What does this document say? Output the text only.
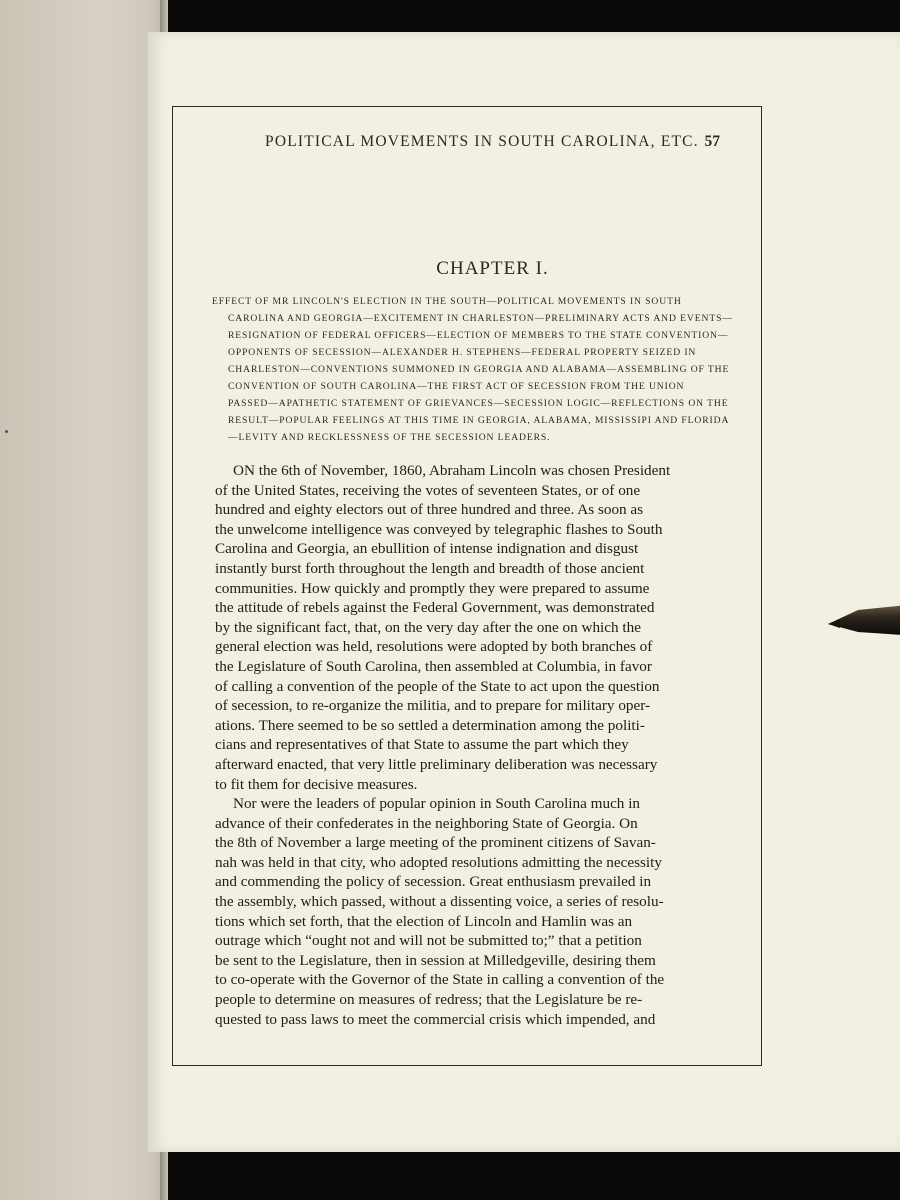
POLITICAL MOVEMENTS IN SOUTH CAROLINA, ETC. 57
CHAPTER I.
EFFECT OF MR LINCOLN'S ELECTION IN THE SOUTH—POLITICAL MOVEMENTS IN SOUTH
CAROLINA AND GEORGIA—EXCITEMENT IN CHARLESTON—PRELIMINARY ACTS AND EVENTS—
RESIGNATION OF FEDERAL OFFICERS—ELECTION OF MEMBERS TO THE STATE CONVENTION—
OPPONENTS OF SECESSION—ALEXANDER H. STEPHENS—FEDERAL PROPERTY SEIZED IN
CHARLESTON—CONVENTIONS SUMMONED IN GEORGIA AND ALABAMA—ASSEMBLING OF THE
CONVENTION OF SOUTH CAROLINA—THE FIRST ACT OF SECESSION FROM THE UNION
PASSED—APATHETIC STATEMENT OF GRIEVANCES—SECESSION LOGIC—REFLECTIONS ON THE
RESULT—POPULAR FEELINGS AT THIS TIME IN GEORGIA, ALABAMA, MISSISSIPI AND FLORIDA
—LEVITY AND RECKLESSNESS OF THE SECESSION LEADERS.
ON the 6th of November, 1860, Abraham Lincoln was chosen President
of the United States, receiving the votes of seventeen States, or of one
hundred and eighty electors out of three hundred and three. As soon as
the unwelcome intelligence was conveyed by telegraphic flashes to South
Carolina and Georgia, an ebullition of intense indignation and disgust
instantly burst forth throughout the length and breadth of those ancient
communities. How quickly and promptly they were prepared to assume
the attitude of rebels against the Federal Government, was demonstrated
by the significant fact, that, on the very day after the one on which the
general election was held, resolutions were adopted by both branches of
the Legislature of South Carolina, then assembled at Columbia, in favor
of calling a convention of the people of the State to act upon the question
of secession, to re-organize the militia, and to prepare for military oper-
ations. There seemed to be so settled a determination among the politi-
cians and representatives of that State to assume the part which they
afterward enacted, that very little preliminary deliberation was necessary
to fit them for decisive measures.
Nor were the leaders of popular opinion in South Carolina much in
advance of their confederates in the neighboring State of Georgia. On
the 8th of November a large meeting of the prominent citizens of Savan-
nah was held in that city, who adopted resolutions admitting the necessity
and commending the policy of secession. Great enthusiasm prevailed in
the assembly, which passed, without a dissenting voice, a series of resolu-
tions which set forth, that the election of Lincoln and Hamlin was an
outrage which “ought not and will not be submitted to;” that a petition
be sent to the Legislature, then in session at Milledgeville, desiring them
to co-operate with the Governor of the State in calling a convention of the
people to determine on measures of redress; that the Legislature be re-
quested to pass laws to meet the commercial crisis which impended, and
